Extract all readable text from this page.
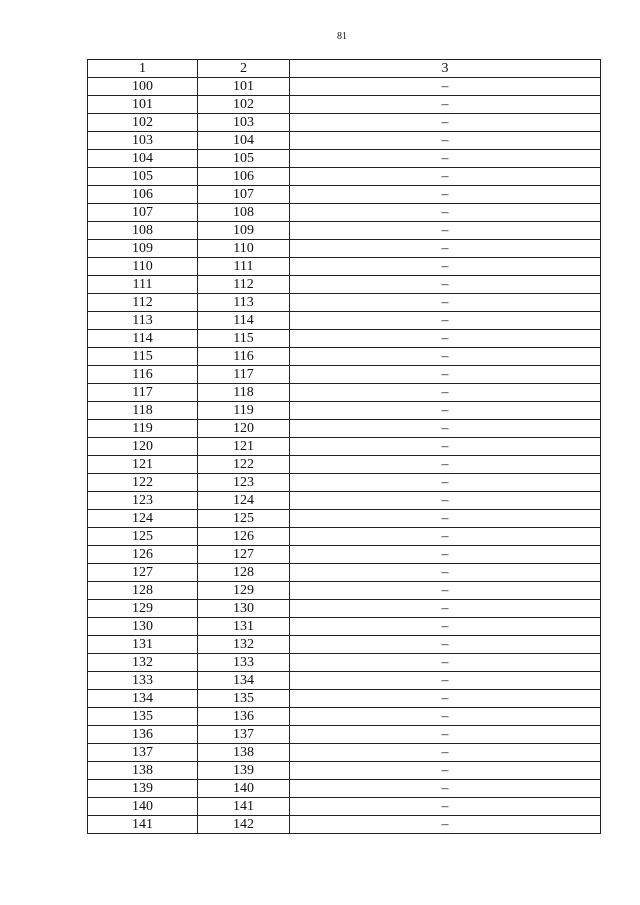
81
1	2	3
100	101	–
101	102	–
102	103	–
103	104	–
104	105	–
105	106	–
106	107	–
107	108	–
108	109	–
109	110	–
110	111	–
111	112	–
112	113	–
113	114	–
114	115	–
115	116	–
116	117	–
117	118	–
118	119	–
119	120	–
120	121	–
121	122	–
122	123	–
123	124	–
124	125	–
125	126	–
126	127	–
127	128	–
128	129	–
129	130	–
130	131	–
131	132	–
132	133	–
133	134	–
134	135	–
135	136	–
136	137	–
137	138	–
138	139	–
139	140	–
140	141	–
141	142	–
